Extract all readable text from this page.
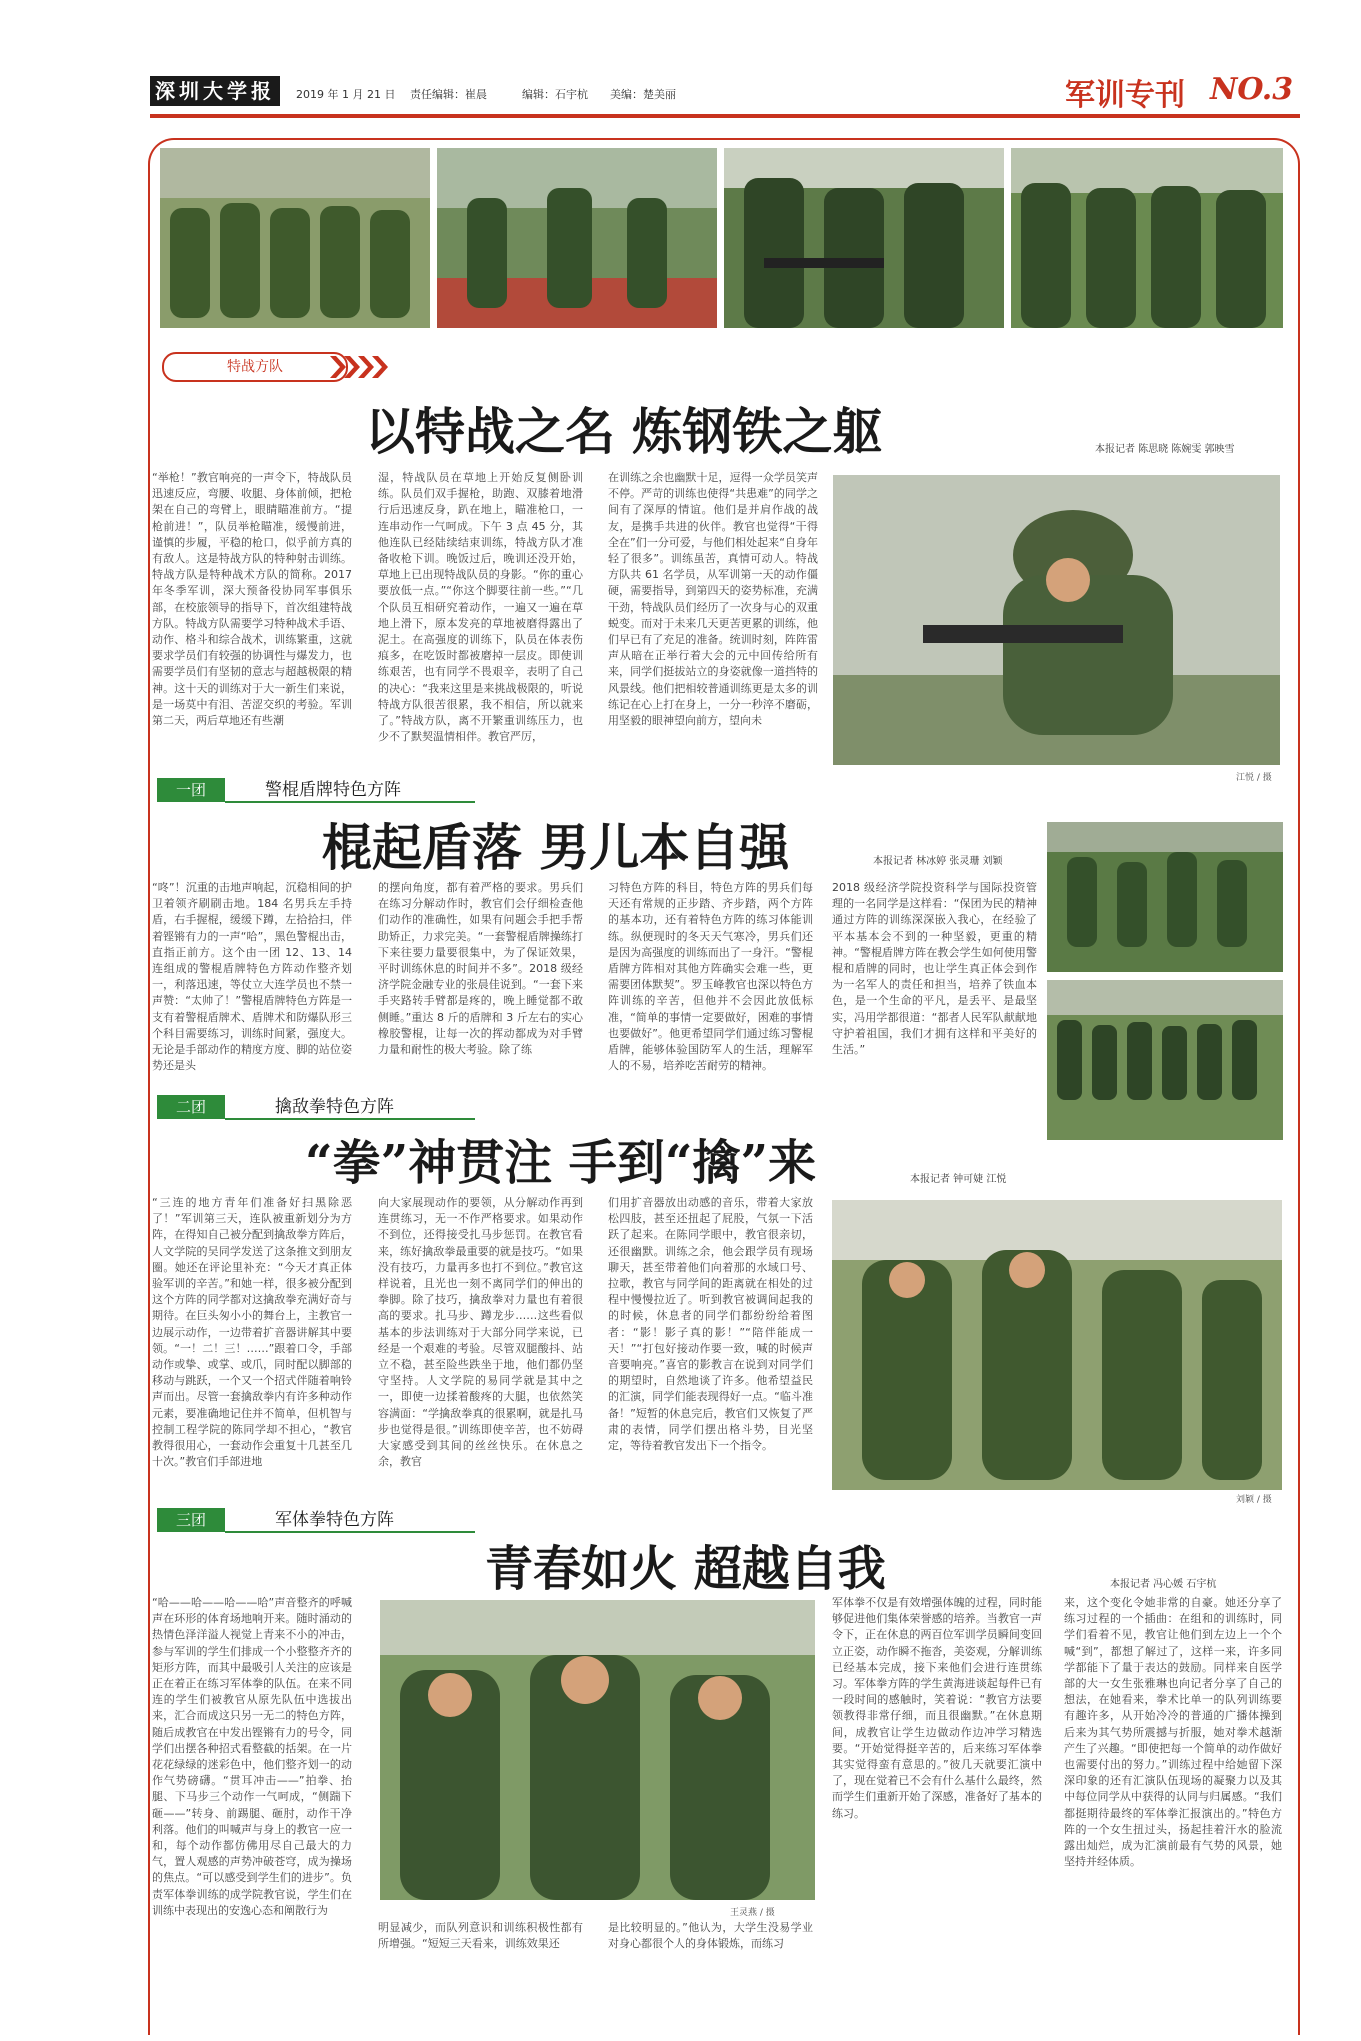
深圳大学报	2019 年 1 月 21 日 责任编辑：崔晨	编辑：石宇杭 美编：楚美丽	军训专刊 NO.3
特战方队
以特战之名 炼钢铁之躯	本报记者 陈思晓 陈婉雯 郭映雪
“举枪！”教官响亮的一声令下，特战队员迅速反应，弯腰、收腿、身体前倾，把枪架在自己的弯臂上，眼睛瞄准前方。“提枪前进！”，队员举枪瞄准，缓慢前进，谨慎的步履，平稳的枪口，似乎前方真的有敌人。这是特战方队的特种射击训练。特战方队是特种战术方队的简称。2017 年冬季军训，深大预备役协同军事俱乐部，在校旅领导的指导下，首次组建特战方队。特战方队需要学习特种战术手语、动作、格斗和综合战术，训练繁重，这就要求学员们有较强的协调性与爆发力，也需要学员们有坚韧的意志与超越极限的精神。这十天的训练对于大一新生们来说，是一场莫中有泪、苦涩交织的考验。军训第二天，两后草地还有些潮
湿，特战队员在草地上开始反复侧卧训练。队员们双手握枪，助跑、双膝着地滑行后迅速反身，趴在地上，瞄准枪口，一连串动作一气呵成。下午 3 点 45 分，其他连队已经陆续结束训练，特战方队才准备收枪下训。晚饭过后，晚训还没开始，草地上已出现特战队员的身影。“你的重心要放低一点。”“你这个脚要往前一些。”“几个队员互相研究着动作，一遍又一遍在草地上滑下，原本发亮的草地被磨得露出了泥土。在高强度的训练下，队员在体表伤痕多，在吃饭时都被磨掉一层皮。即使训练艰苦，也有同学不畏艰辛，表明了自己的决心：“我来这里是来挑战极限的，听说特战方队很苦很累，我不相信，所以就来了。”特战方队，离不开繁重训练压力，也少不了默契温情相伴。教官严厉，
在训练之余也幽默十足，逗得一众学员笑声不停。严苛的训练也使得“共患难”的同学之间有了深厚的情谊。他们是并肩作战的战友，是携手共进的伙伴。教官也觉得“干得全在”们一分可爱，与他们相处起来“自身年轻了很多”。训练虽苦，真情可动人。特战方队共 61 名学员，从军训第一天的动作僵硬，需要指导，到第四天的姿势标准，充满干劲，特战队员们经历了一次身与心的双重蜕变。而对于未来几天更苦更累的训练，他们早已有了充足的准备。统训时刻，阵阵雷声从暗在正举行着大会的元中回传给所有来，同学们挺拔站立的身姿就像一道挡特的风景线。他们把相较普通训练更是太多的训练记在心上打在身上，一分一秒淬不磨砺，用坚毅的眼神望向前方，望向未
江悦 / 摄
一团	警棍盾牌特色方阵
棍起盾落 男儿本自强	本报记者 林冰婷 张灵珊 刘颖
“咚”！沉重的击地声响起，沉稳相间的护卫着领齐刷刷击地。184 名男兵左手持盾，右手握棍，缓缓下蹲，左拾拾扫，伴着铿锵有力的一声“哈”，黑色警棍出击，直指正前方。这个由一团 12、13、14 连组成的警棍盾牌特色方阵动作整齐划一，利落迅速，等仗立大连学员也不禁一声赞：“太帅了！”警棍盾牌特色方阵是一支有着警棍盾牌术、盾牌术和防爆队形三个科目需要练习，训练时间紧，强度大。无论是手部动作的精度方度、脚的站位姿势还是头
的摆向角度，都有着严格的要求。男兵们在练习分解动作时，教官们会仔细检查他们动作的准确性，如果有问题会手把手帮助矫正，力求完美。“一套警棍盾牌操练打下来往要力量要很集中，为了保证效果，平时训练休息的时间并不多”。2018 级经济学院金融专业的张晨佳说到。“一套下来手夹路转手臂都是疼的，晚上睡觉都不敢侧睡。”重达 8 斤的盾牌和 3 斤左右的实心橡胶警棍，让每一次的挥动都成为对手臂力量和耐性的极大考验。除了练
习特色方阵的科目，特色方阵的男兵们每天还有常规的正步踏、齐步踏，两个方阵的基本功，还有着特色方阵的练习体能训练。纵便现时的冬天天气寒冷，男兵们还是因为高强度的训练而出了一身汗。“警棍盾牌方阵相对其他方阵确实会难一些，更需要团体默契”。罗玉峰教官也深以特色方阵训练的辛苦，但他并不会因此放低标准，“简单的事情一定要做好，困难的事情也要做好”。他更希望同学们通过练习警棍盾牌，能够体验国防军人的生活，理解军人的不易，培养吃苦耐劳的精神。
2018 级经济学院投资科学与国际投资管理的一名同学是这样看：“保团为民的精神通过方阵的训练深深嵌入我心，在经验了平本基本会不到的一种坚毅，更重的精神。“警棍盾牌方阵在教会学生如何使用警棍和盾牌的同时，也让学生真正体会到作为一名军人的责任和担当，培养了铁血本色，是一个生命的平凡，是丢平、是最坚实，冯用学都很道：“都者人民军队献献地守护着祖国，我们才拥有这样和平美好的生活。”
二团	擒敌拳特色方阵
“拳”神贯注 手到“擒”来	本报记者 钟可婕 江悦
“三连的地方青年们准备好扫黑除恶了！”军训第三天，连队被重新划分为方阵，在得知自己被分配到擒敌拳方阵后，人文学院的吴同学发送了这条推文到朋友圈。她还在评论里补充：“今天才真正体验军训的辛苦。”和她一样，很多被分配到这个方阵的同学都对这擒敌拳充满好奇与期待。在巨头匆小小的舞台上，主教官一边展示动作，一边带着扩音器讲解其中要领。“一！二！三！……”跟着口令，手部动作或挚、或掌、或爪，同时配以脚部的移动与跳跃，一个又一个招式伴随着响铃声而出。尽管一套擒敌拳内有许多种动作元素，要准确地记住并不简单，但机智与控制工程学院的陈同学却不担心，“教官教得很用心，一套动作会重复十几甚至几十次。”教官们手部进地
向大家展现动作的要领，从分解动作再到连贯练习，无一不作严格要求。如果动作不到位，还得接受扎马步惩罚。在教官看来，练好擒敌拳最重要的就是技巧。“如果没有技巧，力量再多也打不到位。”教官这样说着，且光也一刻不离同学们的伸出的拳脚。除了技巧，擒敌拳对力量也有着很高的要求。扎马步、蹲龙步……这些看似基本的步法训练对于大部分同学来说，已经是一个艰难的考验。尽管双腿酸抖、站立不稳，甚至险些跌坐于地，他们都仍坚守坚持。人文学院的易同学就是其中之一，即使一边揉着酸疼的大腿，也依然笑容满面：“学擒敌拳真的很累啊，就是扎马步也觉得是很。”训练即使辛苦，也不妨碍大家感受到其间的丝丝快乐。在休息之余，教官
们用扩音器放出动感的音乐，带着大家放松四肢，甚至还扭起了屁股，气氛一下活跃了起来。在陈同学眼中，教官很亲切，还很幽默。训练之余，他会跟学员有现场聊天，甚至带着他们向着那的水域口号、拉歌，教官与同学间的距离就在相处的过程中慢慢拉近了。听到教官被调间起我的的时候，休息者的同学们都纷纷给着图者：“影！影子真的影！”“陪伴能成一天！”“打包好接动作要一致，喊的时候声音要响亮。”喜官的影教言在说到对同学们的期望时，自然地谈了许多。他希望益民的汇演，同学们能表现得好一点。“临斗准备！”短暂的休息完后，教官们又恢复了严肃的表情，同学们摆出格斗势，目光坚定，等待着教官发出下一个指令。
刘颖 / 摄
三团	军体拳特色方阵
青春如火 超越自我	本报记者 冯心媛 石宇杭
“哈——哈——哈——哈”声音整齐的呼喊声在环形的体育场地响开来。随时涌动的热情色泽洋溢人视觉上青来不小的冲击，参与军训的学生们排成一个小整整齐齐的矩形方阵，而其中最吸引人关注的应该是正在着正在练习军体拳的队伍。在来不同连的学生们被教官从原先队伍中选拔出来，汇合而成这只另一无二的特色方阵，随后成教官在中发出铿锵有力的号令，同学们出摆各种招式看整截的括架。在一片花花绿绿的迷彩色中，他们整齐划一的动作气势磅礴。“贯耳冲击——”拍拳、抬腿、下马步三个动作一气呵成，“侧踹下砸——”转身、前踢腿、砸肘，动作干净利落。他们的叫喊声与身上的教官一应一和，每个动作都仿佛用尽自己最大的力气，置人观感的声势冲破苍穹，成为操场的焦点。“可以感受到学生们的进步”。负责军体拳训练的成学院教官说，学生们在训练中表现出的安逸心态和阐散行为	王灵燕 / 摄
明显减少，而队列意识和训练积极性都有所增强。“短短三天看来，训练效果还
是比较明显的。”他认为，大学生没易学业对身心都很个人的身体锻炼，而练习
军体拳不仅是有效增强体魄的过程，同时能够促进他们集体荣誉感的培养。当教官一声令下，正在休息的两百位军训学员瞬间变回立正姿，动作瞬不拖沓，美姿观，分解训练已经基本完成，接下来他们会进行连贯练习。军体拳方阵的学生黄海进谈起每件已有一段时间的感触时，笑着说：“教官方法要领教得非常仔细，而且很幽默。”在休息期间，成教官让学生边做动作边冲学习精选要。“开始觉得挺辛苦的，后来练习军体拳其实觉得蛮有意思的。”彼几天就要汇演中了，现在觉着已不会有什么基什么最终，然而学生们重新开始了深感，准备好了基本的练习。
来，这个变化令她非常的自豪。她还分享了练习过程的一个插曲：在组和的训练时，同学们看着不见，教官让他们到左边上一个个喊“到”，都想了解过了，这样一来，许多同学都能下了量于表达的鼓励。同样来自医学部的大一女生张雅琳也向记者分享了自己的想法，在她看来，拳术比单一的队列训练要有趣许多，从开始冷冷的普通的广播体操到后来为其气势所震撼与折服，她对拳术越渐产生了兴趣。“即使把每一个简单的动作做好也需要付出的努力。”训练过程中给她留下深深印象的还有汇演队伍现场的凝聚力以及其中每位同学从中获得的认同与归属感。“我们都挺期待最终的军体拳汇报演出的。”特色方阵的一个女生扭过头，扬起挂着汗水的脸流露出灿烂，成为汇演前最有气势的风景，她坚持并经体质。
